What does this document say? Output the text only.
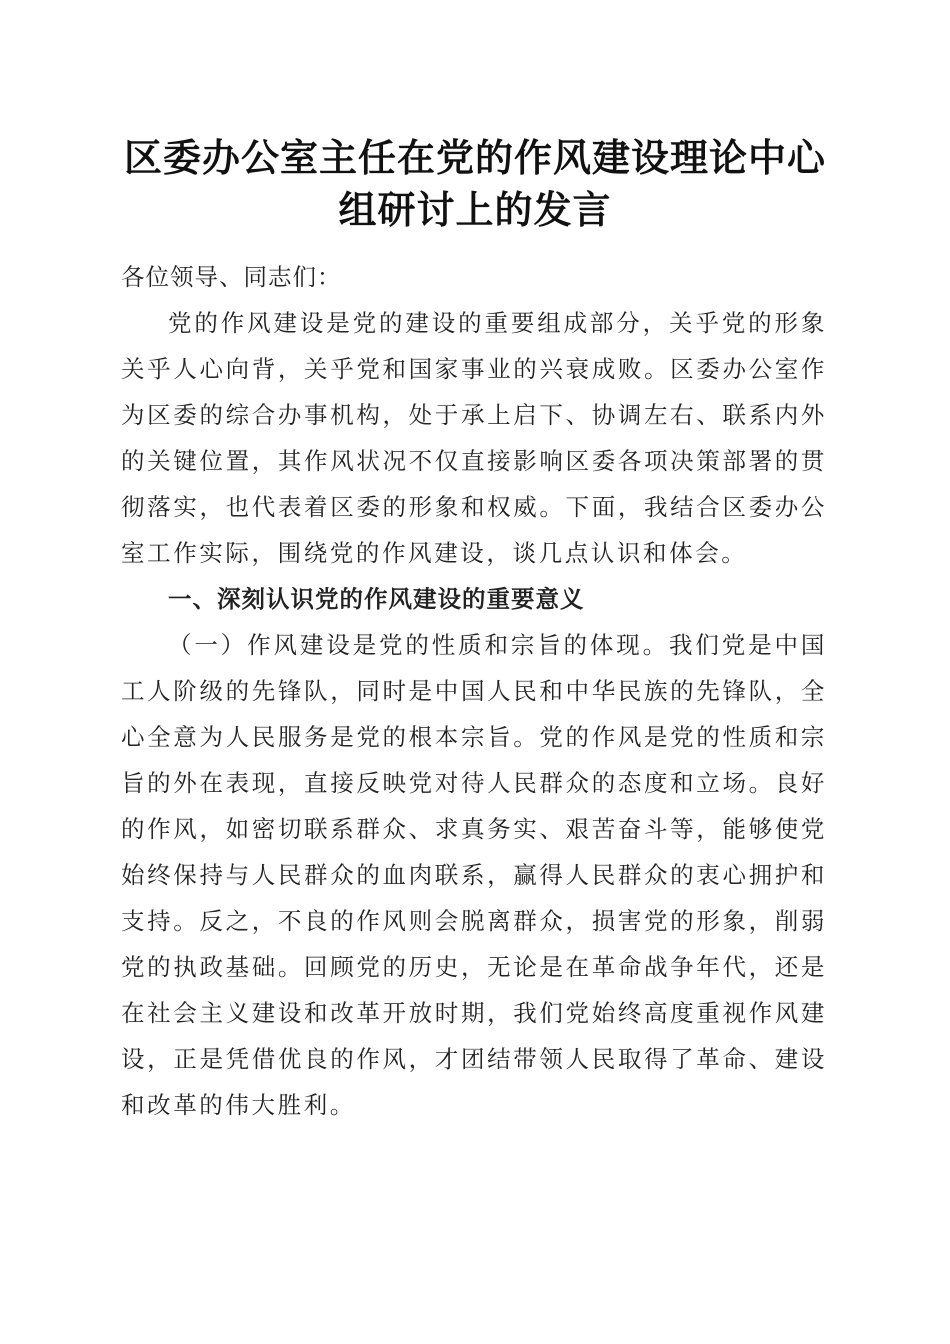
区委办公室主任在党的作风建设理论中心组研讨上的发言

各位领导、同志们：

党的作风建设是党的建设的重要组成部分，关乎党的形象关乎人心向背，关乎党和国家事业的兴衰成败。区委办公室作为区委的综合办事机构，处于承上启下、协调左右、联系内外的关键位置，其作风状况不仅直接影响区委各项决策部署的贯彻落实，也代表着区委的形象和权威。下面，我结合区委办公室工作实际，围绕党的作风建设，谈几点认识和体会。

一、深刻认识党的作风建设的重要意义

（一）作风建设是党的性质和宗旨的体现。我们党是中国工人阶级的先锋队，同时是中国人民和中华民族的先锋队，全心全意为人民服务是党的根本宗旨。党的作风是党的性质和宗旨的外在表现，直接反映党对待人民群众的态度和立场。良好的作风，如密切联系群众、求真务实、艰苦奋斗等，能够使党始终保持与人民群众的血肉联系，赢得人民群众的衷心拥护和支持。反之，不良的作风则会脱离群众，损害党的形象，削弱党的执政基础。回顾党的历史，无论是在革命战争年代，还是在社会主义建设和改革开放时期，我们党始终高度重视作风建设，正是凭借优良的作风，才团结带领人民取得了革命、建设和改革的伟大胜利。
